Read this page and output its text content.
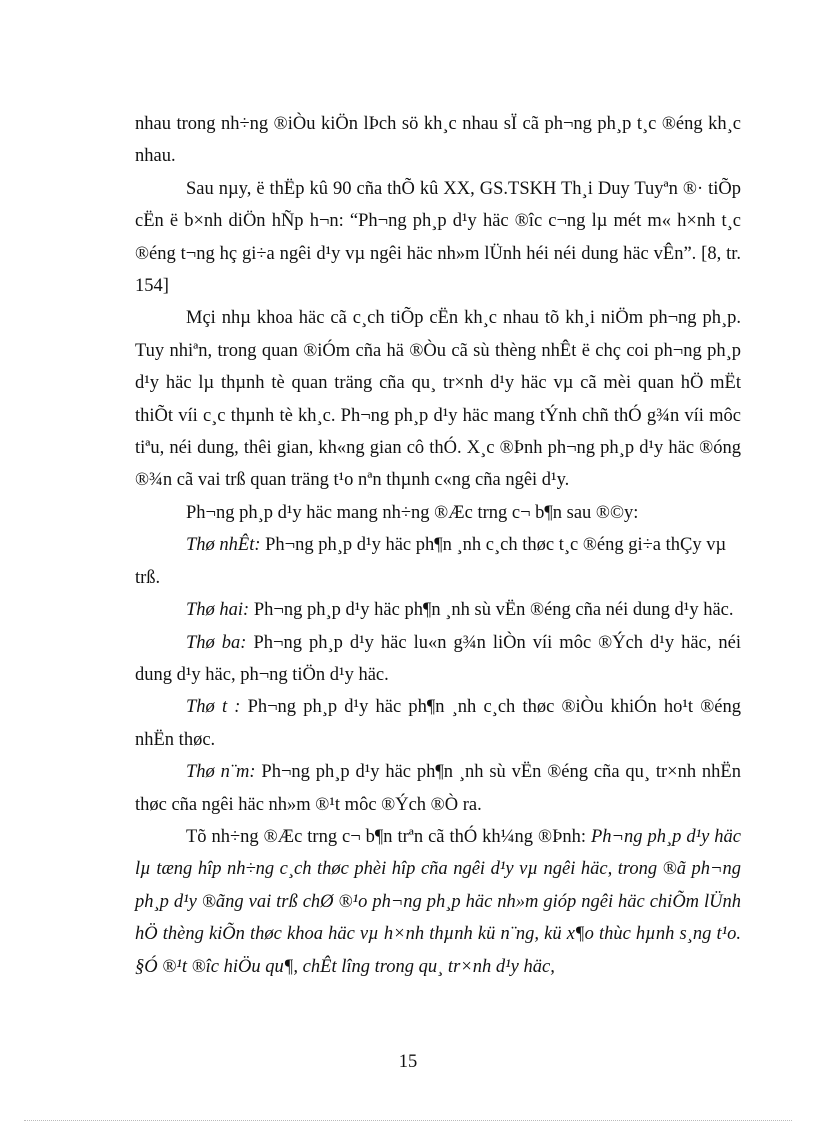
nhau trong nh÷ng ®iÒu kiÖn lÞch sö kh¸c nhau sÏ cã ph¬ng ph¸p t¸c ®éng kh¸c nhau.

Sau nµy, ë thËp kû 90 cña thÕ kû XX, GS.TSKH Th¸i Duy Tuyªn ®· tiÕp cËn ë b×nh diÖn hÑp h¬n: “Ph¬ng ph¸p d¹y häc ®îc c¬ng lµ mét m« h×nh t¸c ®éng t¬ng hç gi÷a ngêi d¹y vµ ngêi häc nh»m lÜnh héi néi dung häc vÊn”. [8, tr. 154]

Mçi nhµ khoa häc cã c¸ch tiÕp cËn kh¸c nhau tõ kh¸i niÖm ph¬ng ph¸p. Tuy nhiªn, trong quan ®iÓm cña hä ®Òu cã sù thèng nhÊt ë chç coi ph¬ng ph¸p d¹y häc lµ thµnh tè quan träng cña qu¸ tr×nh d¹y häc vµ cã mèi quan hÖ mËt thiÕt víi c¸c thµnh tè kh¸c. Ph¬ng ph¸p d¹y häc mang tÝnh chñ thÓ g¾n víi môc tiªu, néi dung, thêi gian, kh«ng gian cô thÓ. X¸c ®Þnh ph¬ng ph¸p d¹y häc ®óng ®¾n cã vai trß quan träng t¹o nªn thµnh c«ng cña ngêi d¹y.

Ph¬ng ph¸p d¹y häc mang nh÷ng ®Æc trng c¬ b¶n sau ®©y:

Thø nhÊt: Ph¬ng ph¸p d¹y häc ph¶n ¸nh c¸ch thøc t¸c ®éng gi÷a thÇy vµ trß.

Thø hai: Ph¬ng ph¸p d¹y häc ph¶n ¸nh sù vËn ®éng cña néi dung d¹y häc.

Thø ba: Ph¬ng ph¸p d¹y häc lu«n g¾n liÒn víi môc ®Ých d¹y häc, néi dung d¹y häc, ph¬ng tiÖn d¹y häc.

Thø t : Ph¬ng ph¸p d¹y häc ph¶n ¸nh c¸ch thøc ®iÒu khiÓn ho¹t ®éng nhËn thøc.

Thø n¨m: Ph¬ng ph¸p d¹y häc ph¶n ¸nh sù vËn ®éng cña qu¸ tr×nh nhËn thøc cña ngêi häc nh»m ®¹t môc ®Ých ®Ò ra.

Tõ nh÷ng ®Æc trng c¬ b¶n trªn cã thÓ kh¼ng ®Þnh: Ph¬ng ph¸p d¹y häc lµ tæng hîp nh÷ng c¸ch thøc phèi hîp cña ngêi d¹y vµ ngêi häc, trong ®ã ph¬ng ph¸p d¹y ®ãng vai trß chØ ®¹o ph¬ng ph¸p häc nh»m gióp ngêi häc chiÕm lÜnh hÖ thèng kiÕn thøc khoa häc vµ h×nh thµnh kü n¨ng, kü x¶o thùc hµnh s¸ng t¹o. §Ó ®¹t ®îc hiÖu qu¶, chÊt lîng trong qu¸ tr×nh d¹y häc,

15
